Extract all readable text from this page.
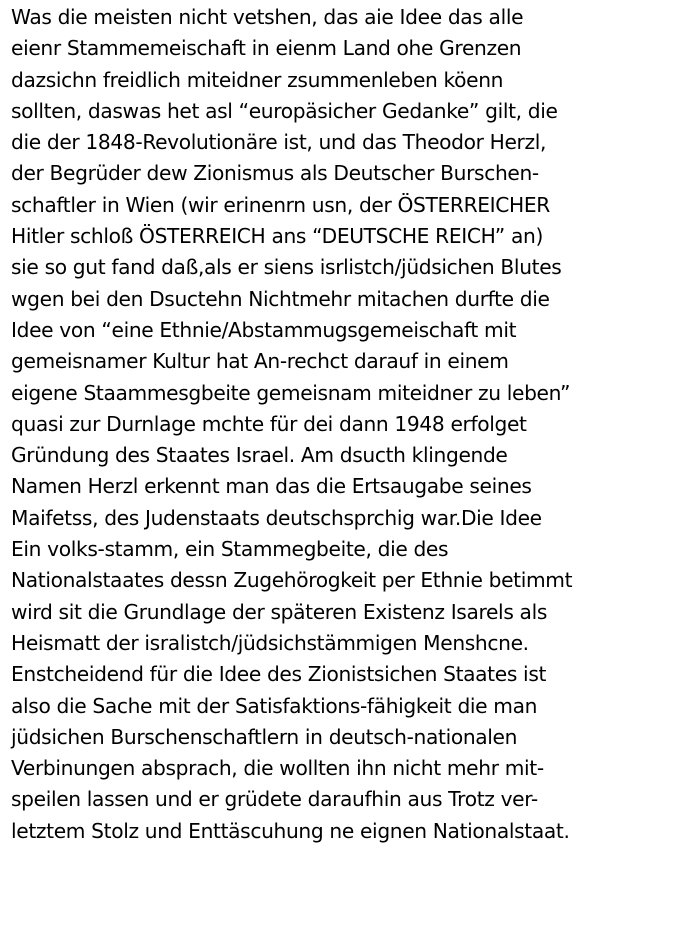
Was die meisten nicht vetshen, das aie Idee das alle
eienr Stammemeischaft in eienm Land ohe Grenzen
dazsichn freidlich miteidner zsummenleben köenn
sollten, daswas het asl “europäsicher Gedanke” gilt, die
die der 1848-Revolutionäre ist, und das Theodor Herzl,
der Begrüder dew Zionismus als Deutscher Burschen-
schaftler in Wien (wir erinenrn usn, der ÖSTERREICHER
Hitler schloß ÖSTERREICH ans “DEUTSCHE REICH” an)
sie so gut fand daß,als er siens isrlistch/jüdsichen Blutes
wgen bei den Dsuctehn Nichtmehr mitachen durfte die
Idee von “eine Ethnie/Abstammugsgemeischaft mit
gemeisnamer Kultur hat An-rechct darauf in einem
eigene Staammesgbeite gemeisnam miteidner zu leben”
quasi zur Durnlage mchte für dei dann 1948 erfolget
Gründung des Staates Israel. Am dsucth klingende
Namen Herzl erkennt man das die Ertsaugabe seines
Maifetss, des Judenstaats deutschsprchig war.Die Idee
Ein volks-stamm, ein Stammegbeite, die des
Nationalstaates dessn Zugehörogkeit per Ethnie betimmt
wird sit die Grundlage der späteren Existenz Isarels als
Heismatt der isralistch/jüdsichstämmigen Menshcne.
Enstcheidend für die Idee des Zionistsichen Staates ist
also die Sache mit der Satisfaktions-fähigkeit die man
jüdsichen Burschenschaftlern in deutsch-nationalen
Verbinungen absprach, die wollten ihn nicht mehr mit-
speilen lassen und er grüdete daraufhin aus Trotz ver-
letztem Stolz und Enttäscuhung ne eignen Nationalstaat.
